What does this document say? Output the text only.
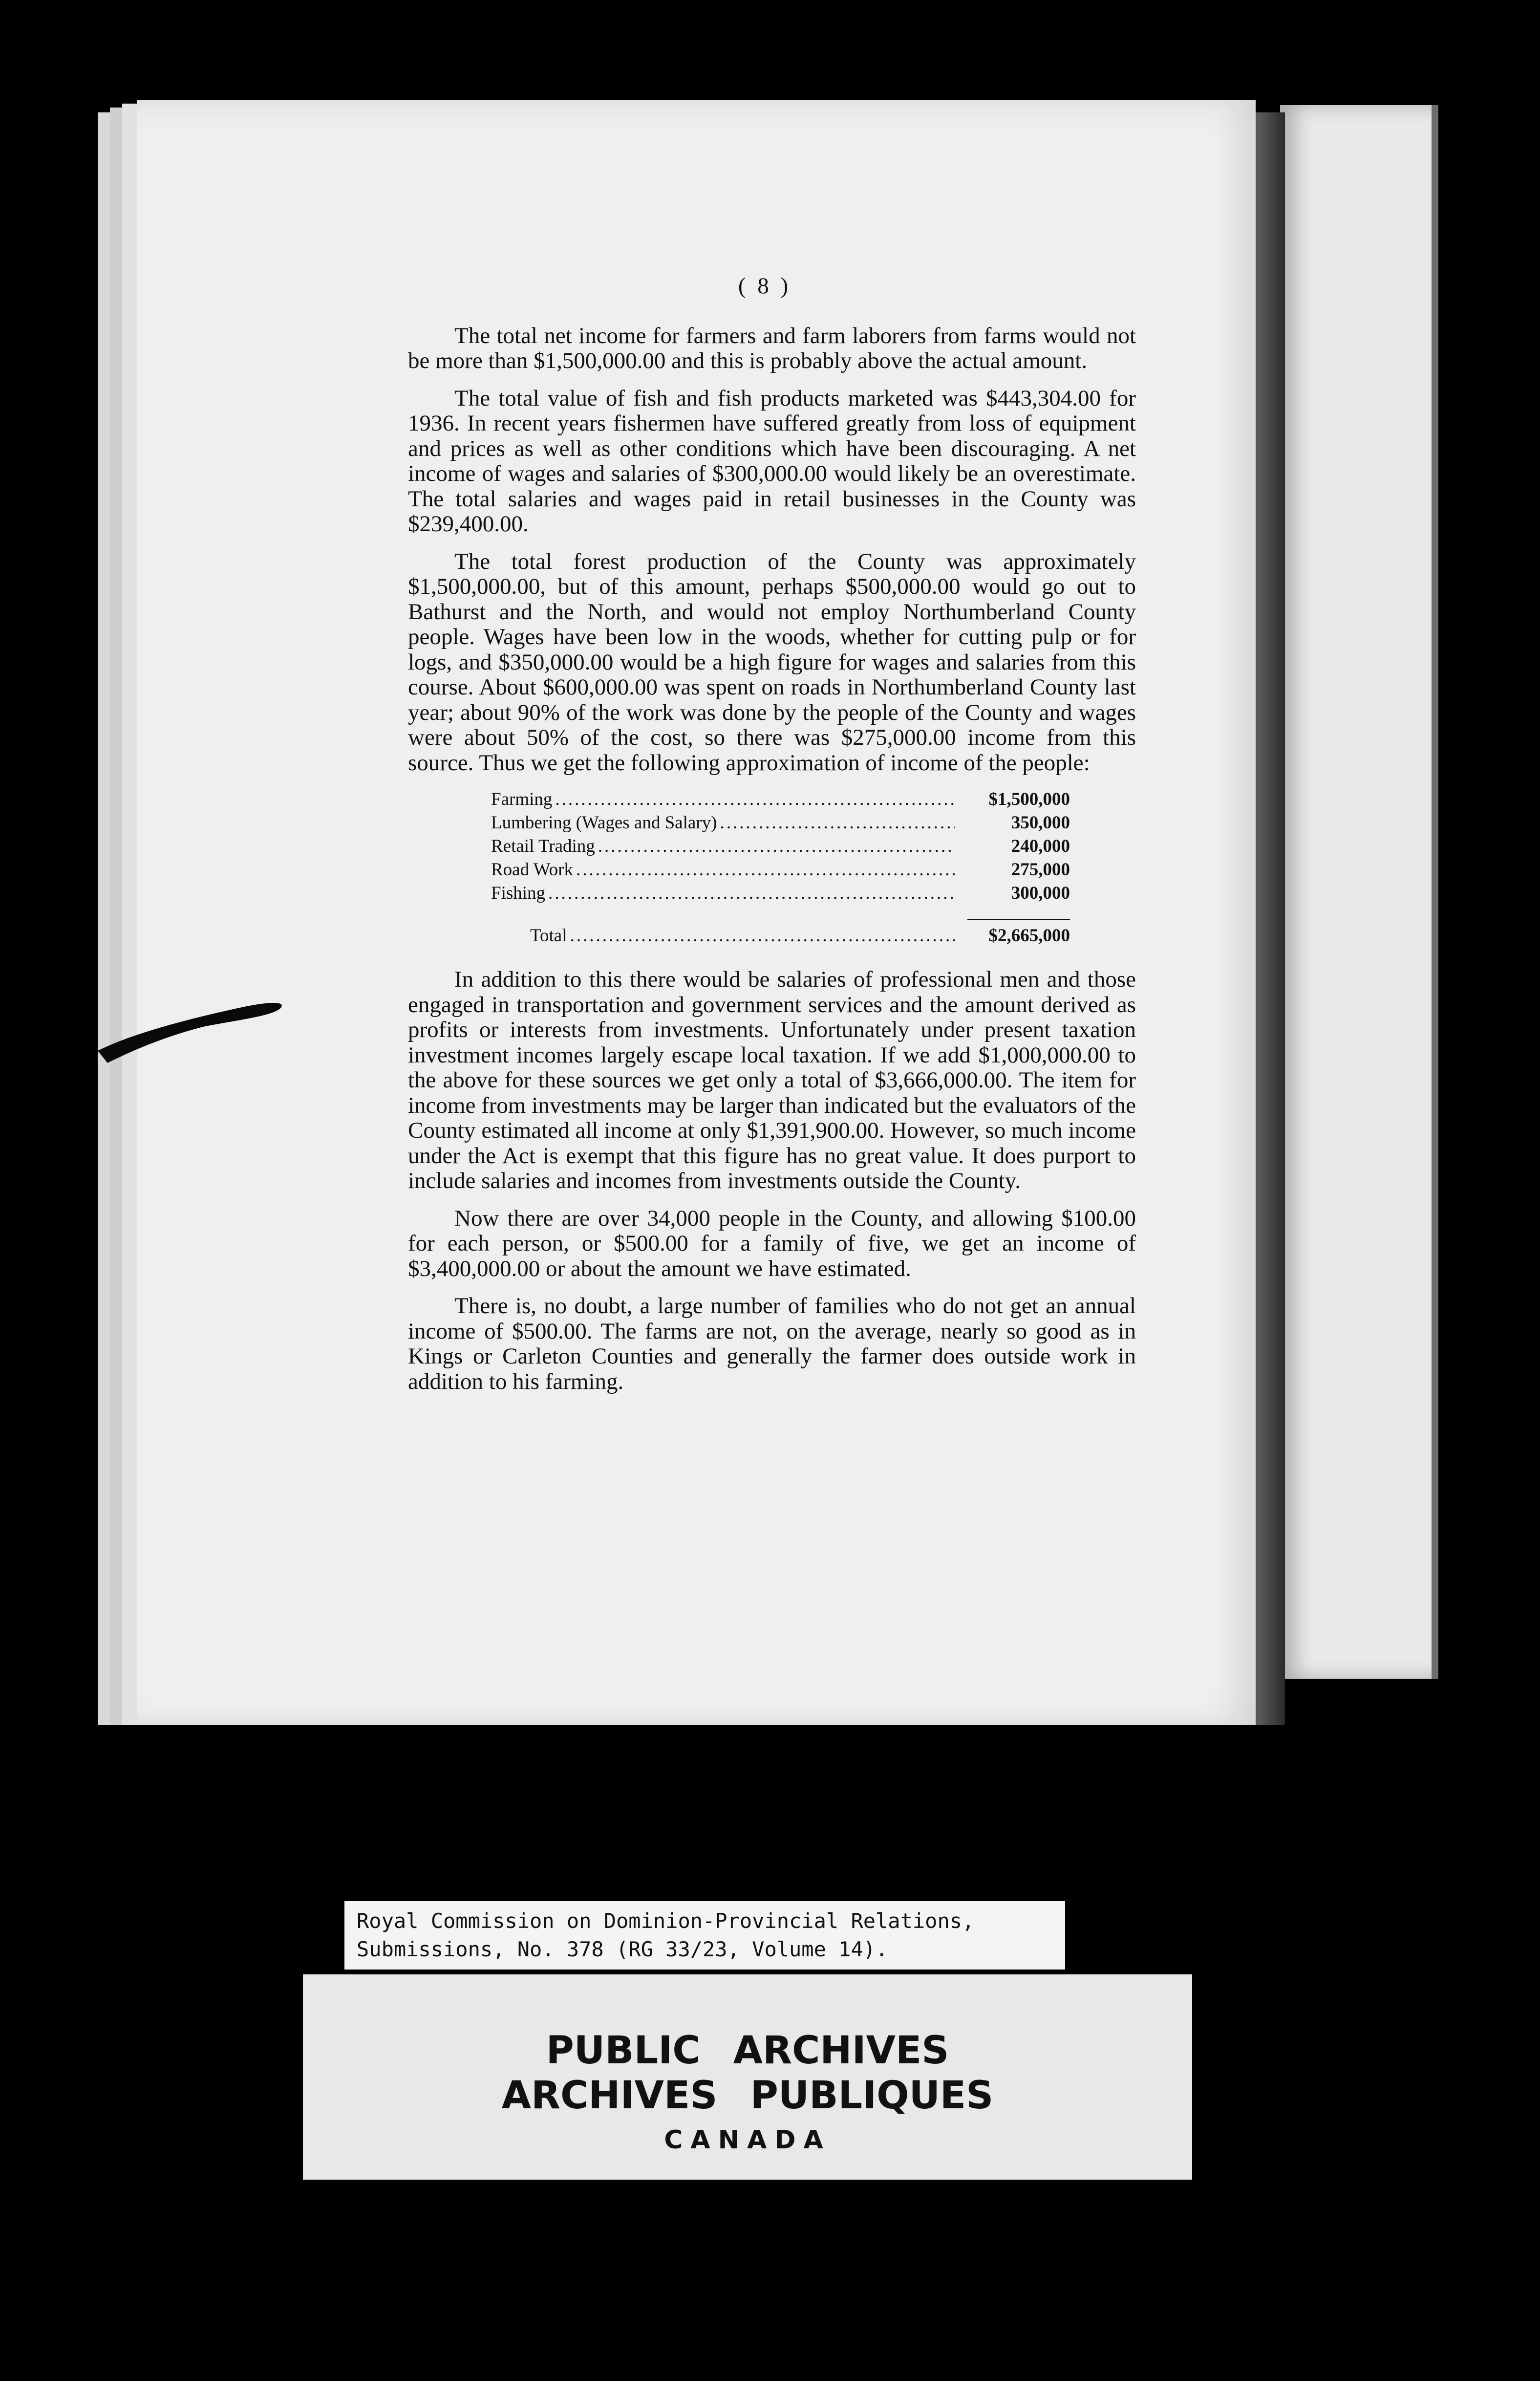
( 8 )

The total net income for farmers and farm laborers from farms would not be more than $1,500,000.00 and this is probably above the actual amount.

The total value of fish and fish products marketed was $443,304.00 for 1936. In recent years fishermen have suffered greatly from loss of equipment and prices as well as other conditions which have been discouraging. A net income of wages and salaries of $300,000.00 would likely be an overestimate. The total salaries and wages paid in retail businesses in the County was $239,400.00.

The total forest production of the County was approximately $1,500,000.00, but of this amount, perhaps $500,000.00 would go out to Bathurst and the North, and would not employ Northumberland County people. Wages have been low in the woods, whether for cutting pulp or for logs, and $350,000.00 would be a high figure for wages and salaries from this course. About $600,000.00 was spent on roads in Northumberland County last year; about 90% of the work was done by the people of the County and wages were about 50% of the cost, so there was $275,000.00 income from this source. Thus we get the following approximation of income of the people:

Farming .....	$1,500,000
Lumbering (Wages and Salary) .....	350,000
Retail Trading .....	240,000
Road Work .....	275,000
Fishing .....	300,000
Total .....	$2,665,000

In addition to this there would be salaries of professional men and those engaged in transportation and government services and the amount derived as profits or interests from investments. Unfortunately under present taxation investment incomes largely escape local taxation. If we add $1,000,000.00 to the above for these sources we get only a total of $3,666,000.00. The item for income from investments may be larger than indicated but the evaluators of the County estimated all income at only $1,391,900.00. However, so much income under the Act is exempt that this figure has no great value. It does purport to include salaries and incomes from investments outside the County.

Now there are over 34,000 people in the County, and allowing $100.00 for each person, or $500.00 for a family of five, we get an income of $3,400,000.00 or about the amount we have estimated.

There is, no doubt, a large number of families who do not get an annual income of $500.00. The farms are not, on the average, nearly so good as in Kings or Carleton Counties and generally the farmer does outside work in addition to his farming.

Royal Commission on Dominion-Provincial Relations,
Submissions, No. 378 (RG 33/23, Volume 14).
PUBLIC ARCHIVES
ARCHIVES PUBLIQUES
CANADA
